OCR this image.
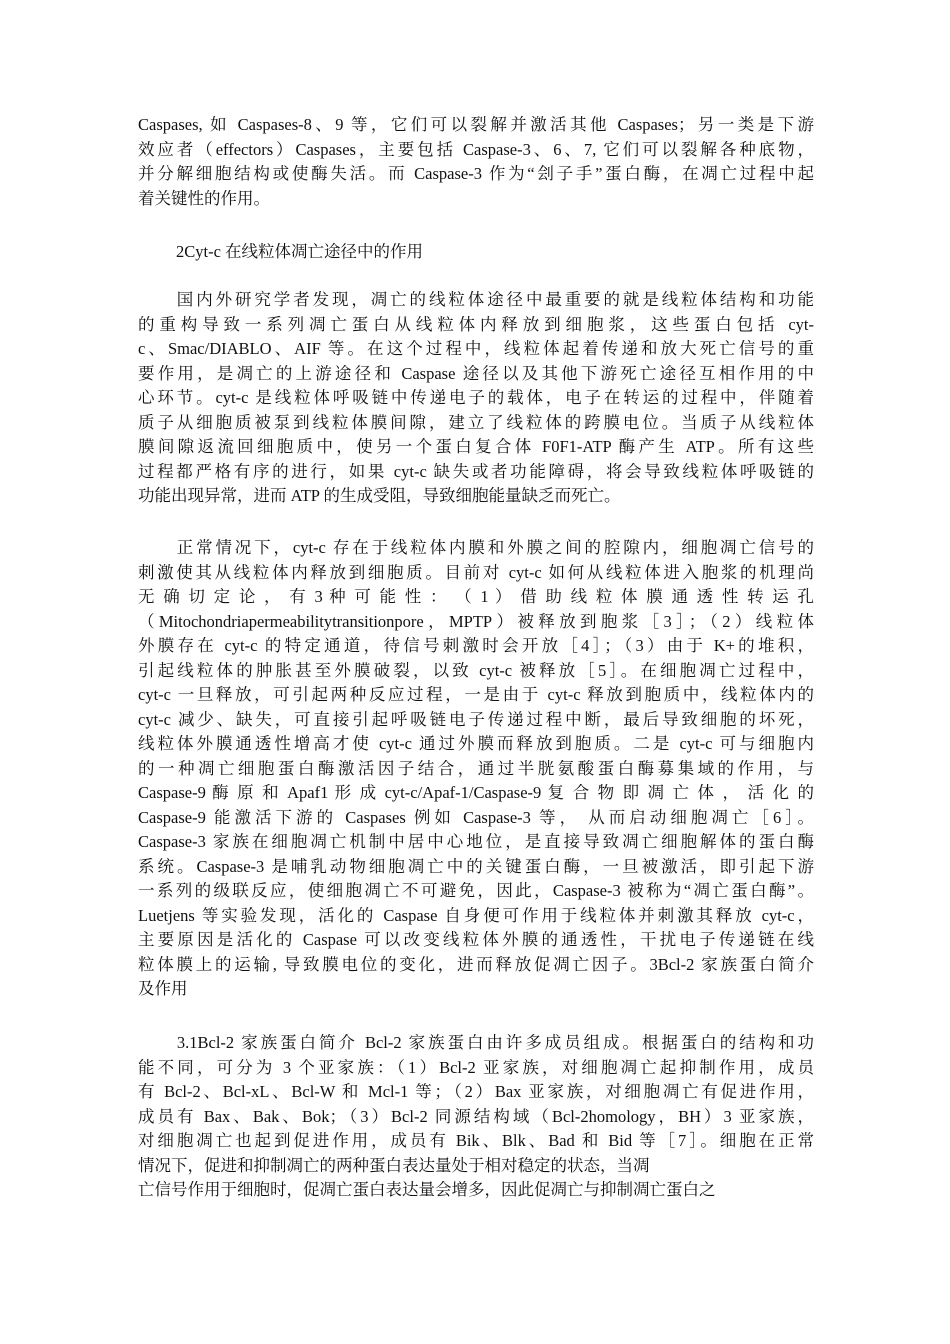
Caspases, 如 Caspases-8、9 等，它们可以裂解并激活其他 Caspases；另一类是下游
效应者（effectors）Caspases，主要包括 Caspase-3、6、7, 它们可以裂解各种底物，
并分解细胞结构或使酶失活。而 Caspase-3 作为“刽子手”蛋白酶，在凋亡过程中起
着关键性的作用。
2Cyt-c 在线粒体凋亡途径中的作用
　　国内外研究学者发现，凋亡的线粒体途径中最重要的就是线粒体结构和功能
的重构导致一系列凋亡蛋白从线粒体内释放到细胞浆，这些蛋白包括 cyt-
c、Smac/DIABLO、AIF 等。在这个过程中，线粒体起着传递和放大死亡信号的重
要作用，是凋亡的上游途径和 Caspase 途径以及其他下游死亡途径互相作用的中
心环节。cyt-c 是线粒体呼吸链中传递电子的载体，电子在转运的过程中，伴随着
质子从细胞质被泵到线粒体膜间隙，建立了线粒体的跨膜电位。当质子从线粒体
膜间隙返流回细胞质中，使另一个蛋白复合体 F0F1-ATP 酶产生 ATP。所有这些
过程都严格有序的进行，如果 cyt-c 缺失或者功能障碍，将会导致线粒体呼吸链的
功能出现异常，进而 ATP 的生成受阻，导致细胞能量缺乏而死亡。
　　正常情况下，cyt-c 存在于线粒体内膜和外膜之间的腔隙内，细胞凋亡信号的
刺激使其从线粒体内释放到细胞质。目前对 cyt-c 如何从线粒体进入胞浆的机理尚
无 确 切 定 论 ， 有 3 种 可 能 性 ： （ 1 ） 借 助 线 粒 体 膜 通 透 性 转 运 孔
（Mitochondriapermeabilitytransitionpore，MPTP）被释放到胞浆［3］；（2）线粒体
外膜存在 cyt-c 的特定通道，待信号刺激时会开放［4］；（3）由于 K+的堆积，
引起线粒体的肿胀甚至外膜破裂，以致 cyt-c 被释放［5］。在细胞凋亡过程中，
cyt-c 一旦释放，可引起两种反应过程，一是由于 cyt-c 释放到胞质中，线粒体内的
cyt-c 减少、缺失，可直接引起呼吸链电子传递过程中断，最后导致细胞的坏死，
线粒体外膜通透性增高才使 cyt-c 通过外膜而释放到胞质。二是 cyt-c 可与细胞内
的一种凋亡细胞蛋白酶激活因子结合，通过半胱氨酸蛋白酶募集域的作用，与
Caspase-9 酶 原 和 Apaf1 形 成 cyt-c/Apaf-1/Caspase-9 复 合 物 即 凋 亡 体 ， 活 化 的
Caspase-9 能激活下游的 Caspases 例如 Caspase-3 等， 从而启动细胞凋亡［6］。
Caspase-3 家族在细胞凋亡机制中居中心地位，是直接导致凋亡细胞解体的蛋白酶
系统。Caspase-3 是哺乳动物细胞凋亡中的关键蛋白酶，一旦被激活，即引起下游
一系列的级联反应，使细胞凋亡不可避免，因此，Caspase-3 被称为“凋亡蛋白酶”。
Luetjens 等实验发现，活化的 Caspase 自身便可作用于线粒体并刺激其释放 cyt-c，
主要原因是活化的 Caspase 可以改变线粒体外膜的通透性，干扰电子传递链在线
粒体膜上的运输, 导致膜电位的变化，进而释放促凋亡因子。3Bcl-2 家族蛋白简介
及作用
　　3.1Bcl-2 家族蛋白简介 Bcl-2 家族蛋白由许多成员组成。根据蛋白的结构和功
能不同，可分为 3 个亚家族：（1）Bcl-2 亚家族，对细胞凋亡起抑制作用，成员
有 Bcl-2、Bcl-xL、Bcl-W 和 Mcl-1 等；（2）Bax 亚家族，对细胞凋亡有促进作用，
成员有 Bax、Bak、Bok；（3）Bcl-2 同源结构域（Bcl-2homology，BH）3 亚家族，
对细胞凋亡也起到促进作用，成员有 Bik、Blk、Bad 和 Bid 等［7］。细胞在正常
情况下，促进和抑制凋亡的两种蛋白表达量处于相对稳定的状态，当凋
亡信号作用于细胞时，促凋亡蛋白表达量会增多，因此促凋亡与抑制凋亡蛋白之
